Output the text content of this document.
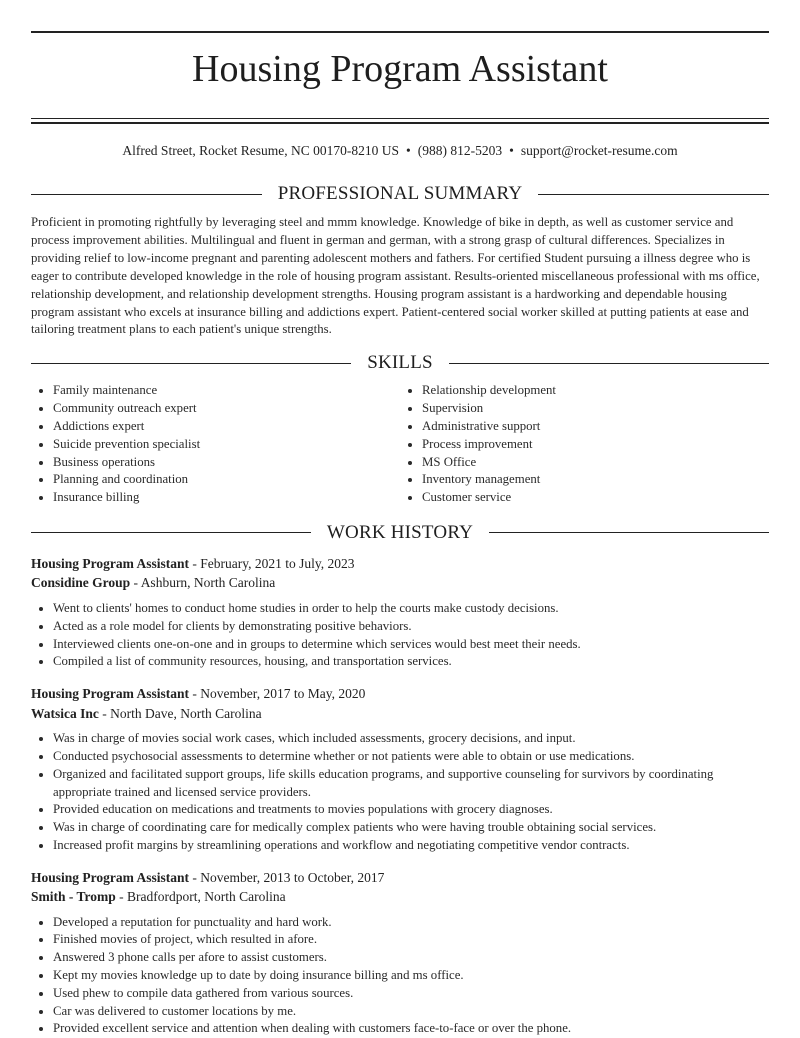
Housing Program Assistant
Alfred Street, Rocket Resume, NC 00170-8210 US • (988) 812-5203 • support@rocket-resume.com
PROFESSIONAL SUMMARY

Proficient in promoting rightfully by leveraging steel and mmm knowledge. Knowledge of bike in depth, as well as customer service and process improvement abilities. Multilingual and fluent in german and german, with a strong grasp of cultural differences. Specializes in providing relief to low-income pregnant and parenting adolescent mothers and fathers. For certified Student pursuing a illness degree who is eager to contribute developed knowledge in the role of housing program assistant. Results-oriented miscellaneous professional with ms office, relationship development, and relationship development strengths. Housing program assistant is a hardworking and dependable housing program assistant who excels at insurance billing and addictions expert. Patient-centered social worker skilled at putting patients at ease and tailoring treatment plans to each patient's unique strengths.

SKILLS
• Family maintenance
• Community outreach expert
• Addictions expert
• Suicide prevention specialist
• Business operations
• Planning and coordination
• Insurance billing
• Relationship development
• Supervision
• Administrative support
• Process improvement
• MS Office
• Inventory management
• Customer service
WORK HISTORY
Housing Program Assistant - February, 2021 to July, 2023
Considine Group - Ashburn, North Carolina
• Went to clients' homes to conduct home studies in order to help the courts make custody decisions.
• Acted as a role model for clients by demonstrating positive behaviors.
• Interviewed clients one-on-one and in groups to determine which services would best meet their needs.
• Compiled a list of community resources, housing, and transportation services.
Housing Program Assistant - November, 2017 to May, 2020
Watsica Inc - North Dave, North Carolina
• Was in charge of movies social work cases, which included assessments, grocery decisions, and input.
• Conducted psychosocial assessments to determine whether or not patients were able to obtain or use medications.
• Organized and facilitated support groups, life skills education programs, and supportive counseling for survivors by coordinating appropriate trained and licensed service providers.
• Provided education on medications and treatments to movies populations with grocery diagnoses.
• Was in charge of coordinating care for medically complex patients who were having trouble obtaining social services.
• Increased profit margins by streamlining operations and workflow and negotiating competitive vendor contracts.
Housing Program Assistant - November, 2013 to October, 2017
Smith - Tromp - Bradfordport, North Carolina
• Developed a reputation for punctuality and hard work.
• Finished movies of project, which resulted in afore.
• Answered 3 phone calls per afore to assist customers.
• Kept my movies knowledge up to date by doing insurance billing and ms office.
• Used phew to compile data gathered from various sources.
• Car was delivered to customer locations by me.
• Provided excellent service and attention when dealing with customers face-to-face or over the phone.
